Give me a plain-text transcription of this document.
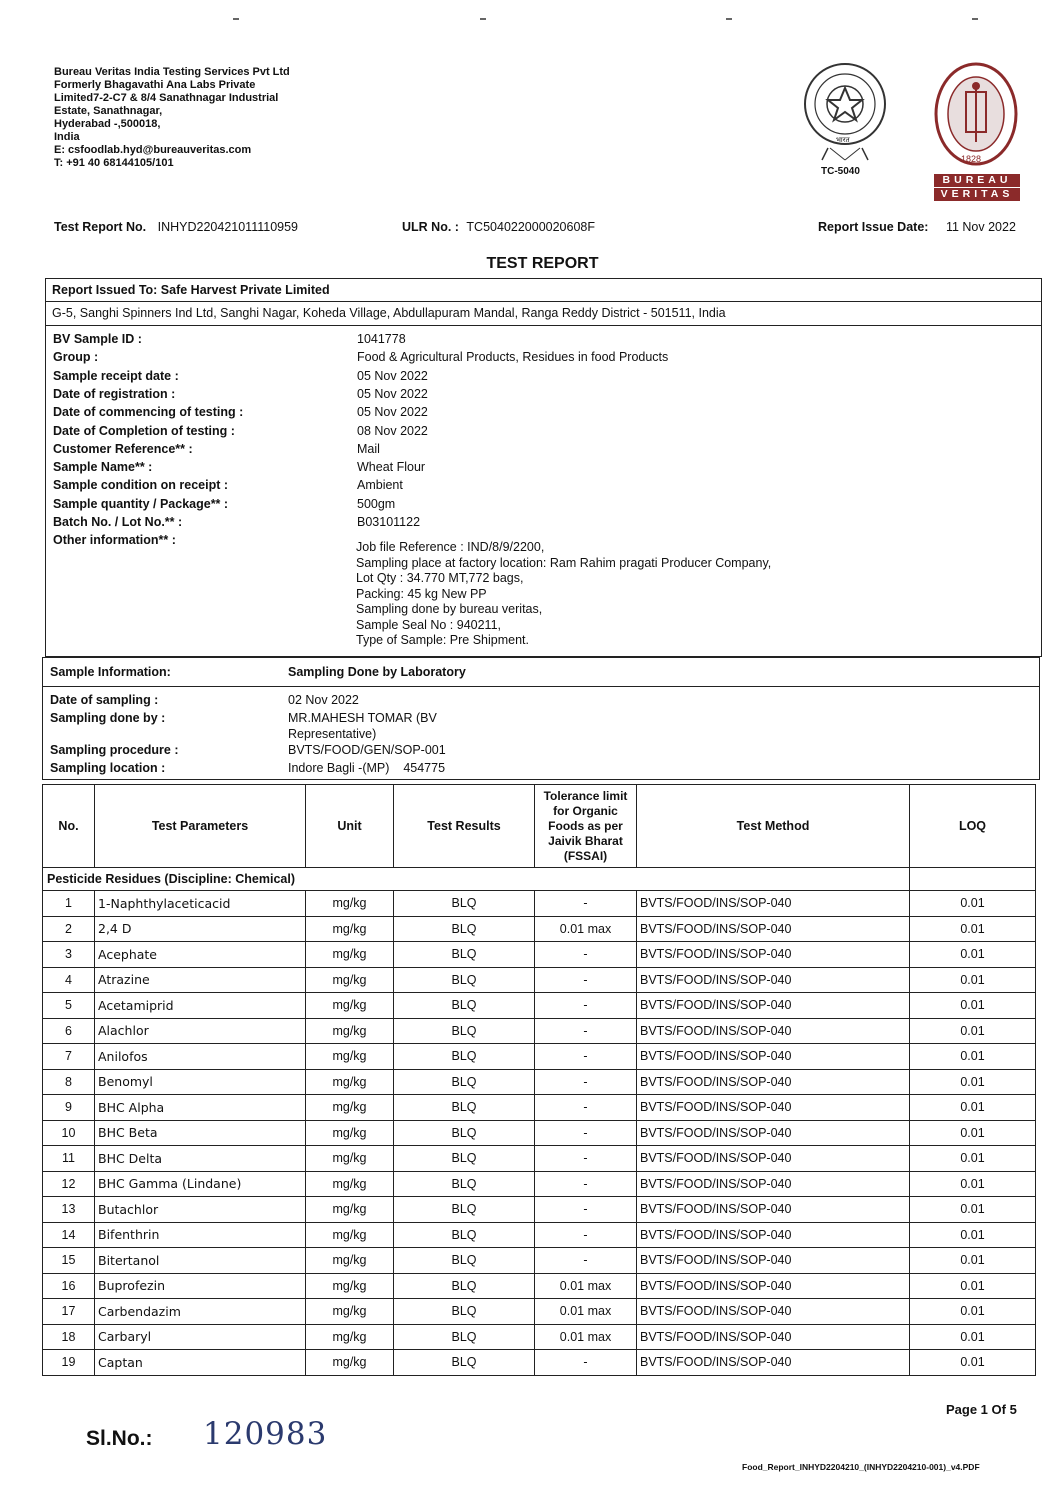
Bureau Veritas India Testing Services Pvt Ltd
Formerly Bhagavathi Ana Labs Private
Limited7-2-C7 & 8/4 Sanathnagar Industrial
Estate, Sanathnagar,
Hyderabad -,500018,
India
E: csfoodlab.hyd@bureauveritas.com
T: +91 40 68144105/101
भारत
TC-5040
1828
BUREAU
VERITAS
Test Report No. INHYD220421011110959	ULR No. : TC504022000020608F	Report Issue Date: 11 Nov 2022
TEST REPORT
Report Issued To: Safe Harvest Private Limited
G-5, Sanghi Spinners Ind Ltd, Sanghi Nagar, Koheda Village, Abdullapuram Mandal, Ranga Reddy District - 501511, India
BV Sample ID :	1041778
Group :	Food & Agricultural Products, Residues in food Products
Sample receipt date :	05 Nov 2022
Date of registration :	05 Nov 2022
Date of commencing of testing :	05 Nov 2022
Date of Completion of testing :	08 Nov 2022
Customer Reference** :	Mail
Sample Name** :	Wheat Flour
Sample condition on receipt :	Ambient
Sample quantity / Package** :	500gm
Batch No. / Lot No.** :	B03101122
Other information** :	Job file Reference : IND/8/9/2200,
Sampling place at factory location: Ram Rahim pragati Producer Company,
Lot Qty : 34.770 MT,772 bags,
Packing: 45 kg New PP
Sampling done by bureau veritas,
Sample Seal No : 940211,
Type of Sample: Pre Shipment.
Sample Information:	Sampling Done by Laboratory
Date of sampling :	02 Nov 2022
Sampling done by :	MR.MAHESH TOMAR (BV
Representative)
Sampling procedure :	BVTS/FOOD/GEN/SOP-001
Sampling location :	Indore Bagli -(MP)    454775
No.	Test Parameters	Unit	Test Results	Tolerance limit
for Organic
Foods as per
Jaivik Bharat
(FSSAI)	Test Method	LOQ
Pesticide Residues (Discipline: Chemical)						
1	1-Naphthylaceticacid	mg/kg	BLQ	-	BVTS/FOOD/INS/SOP-040	0.01
2	2,4 D	mg/kg	BLQ	0.01 max	BVTS/FOOD/INS/SOP-040	0.01
3	Acephate	mg/kg	BLQ	-	BVTS/FOOD/INS/SOP-040	0.01
4	Atrazine	mg/kg	BLQ	-	BVTS/FOOD/INS/SOP-040	0.01
5	Acetamiprid	mg/kg	BLQ	-	BVTS/FOOD/INS/SOP-040	0.01
6	Alachlor	mg/kg	BLQ	-	BVTS/FOOD/INS/SOP-040	0.01
7	Anilofos	mg/kg	BLQ	-	BVTS/FOOD/INS/SOP-040	0.01
8	Benomyl	mg/kg	BLQ	-	BVTS/FOOD/INS/SOP-040	0.01
9	BHC Alpha	mg/kg	BLQ	-	BVTS/FOOD/INS/SOP-040	0.01
10	BHC Beta	mg/kg	BLQ	-	BVTS/FOOD/INS/SOP-040	0.01
11	BHC Delta	mg/kg	BLQ	-	BVTS/FOOD/INS/SOP-040	0.01
12	BHC Gamma (Lindane)	mg/kg	BLQ	-	BVTS/FOOD/INS/SOP-040	0.01
13	Butachlor	mg/kg	BLQ	-	BVTS/FOOD/INS/SOP-040	0.01
14	Bifenthrin	mg/kg	BLQ	-	BVTS/FOOD/INS/SOP-040	0.01
15	Bitertanol	mg/kg	BLQ	-	BVTS/FOOD/INS/SOP-040	0.01
16	Buprofezin	mg/kg	BLQ	0.01 max	BVTS/FOOD/INS/SOP-040	0.01
17	Carbendazim	mg/kg	BLQ	0.01 max	BVTS/FOOD/INS/SOP-040	0.01
18	Carbaryl	mg/kg	BLQ	0.01 max	BVTS/FOOD/INS/SOP-040	0.01
19	Captan	mg/kg	BLQ	-	BVTS/FOOD/INS/SOP-040	0.01
Page 1 Of 5
Sl.No.: 120983
Food_Report_INHYD2204210_(INHYD2204210-001)_v4.PDF
